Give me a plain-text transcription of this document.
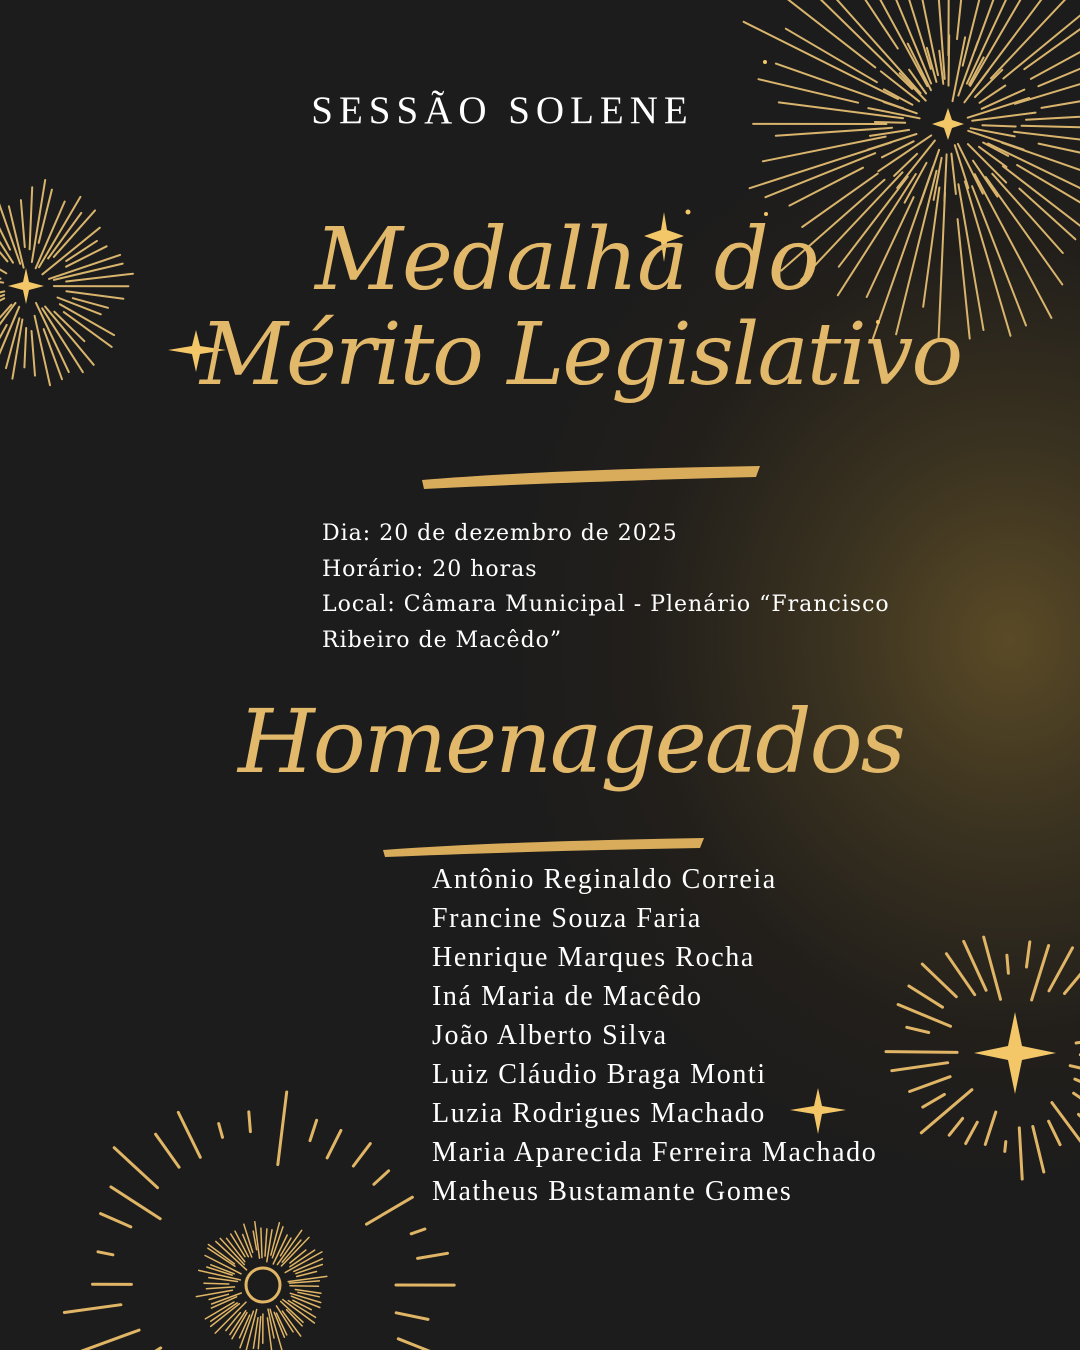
SESSÃO SOLENE
Medalha do
Mérito Legislativo
Dia: 20 de dezembro de 2025
Horário: 20 horas
Local: Câmara Municipal - Plenário “Francisco
Ribeiro de Macêdo”
Homenageados
Antônio Reginaldo Correia
Francine Souza Faria
Henrique Marques Rocha
Iná Maria de Macêdo
João Alberto Silva
Luiz Cláudio Braga Monti
Luzia Rodrigues Machado
Maria Aparecida Ferreira Machado
Matheus Bustamante Gomes
